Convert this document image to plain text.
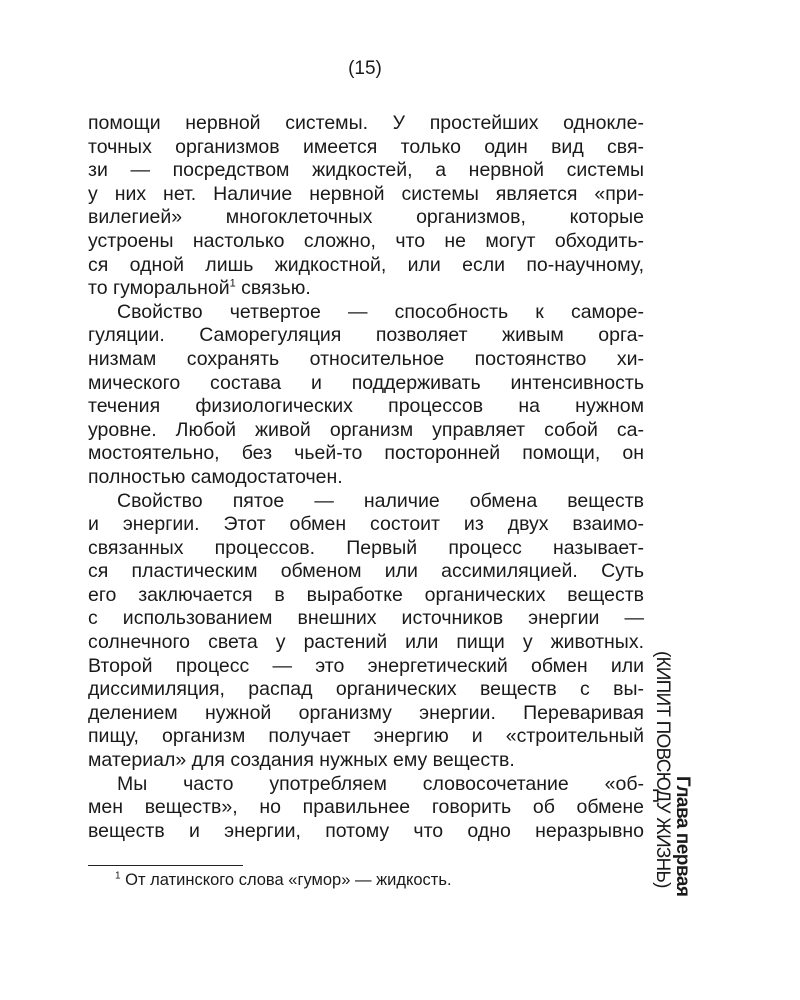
(15)
помощи нервной системы. У простейших однокле-
точных организмов имеется только один вид свя-
зи — посредством жидкостей, а нервной системы
у них нет. Наличие нервной системы является «при-
вилегией» многоклеточных организмов, которые
устроены настолько сложно, что не могут обходить-
ся одной лишь жидкостной, или если по-научному,
то гуморальной$^1$ связью.
Свойство четвертое — способность к саморе-
гуляции. Саморегуляция позволяет живым орга-
низмам сохранять относительное постоянство хи-
мического состава и поддерживать интенсивность
течения физиологических процессов на нужном
уровне. Любой живой организм управляет собой са-
мостоятельно, без чьей-то посторонней помощи, он
полностью самодостаточен.
Свойство пятое — наличие обмена веществ
и энергии. Этот обмен состоит из двух взаимо-
связанных процессов. Первый процесс называет-
ся пластическим обменом или ассимиляцией. Суть
его заключается в выработке органических веществ
с использованием внешних источников энергии —
солнечного света у растений или пищи у животных.
Второй процесс — это энергетический обмен или
диссимиляция, распад органических веществ с вы-
делением нужной организму энергии. Переваривая
пищу, организм получает энергию и «строительный
материал» для создания нужных ему веществ.
Мы часто употребляем словосочетание «об-
мен веществ», но правильнее говорить об обмене
веществ и энергии, потому что одно неразрывно
$^1$ От латинского слова «гумор» — жидкость.	Глава первая
(КИПИТ ПОВСЮДУ ЖИЗНЬ)
